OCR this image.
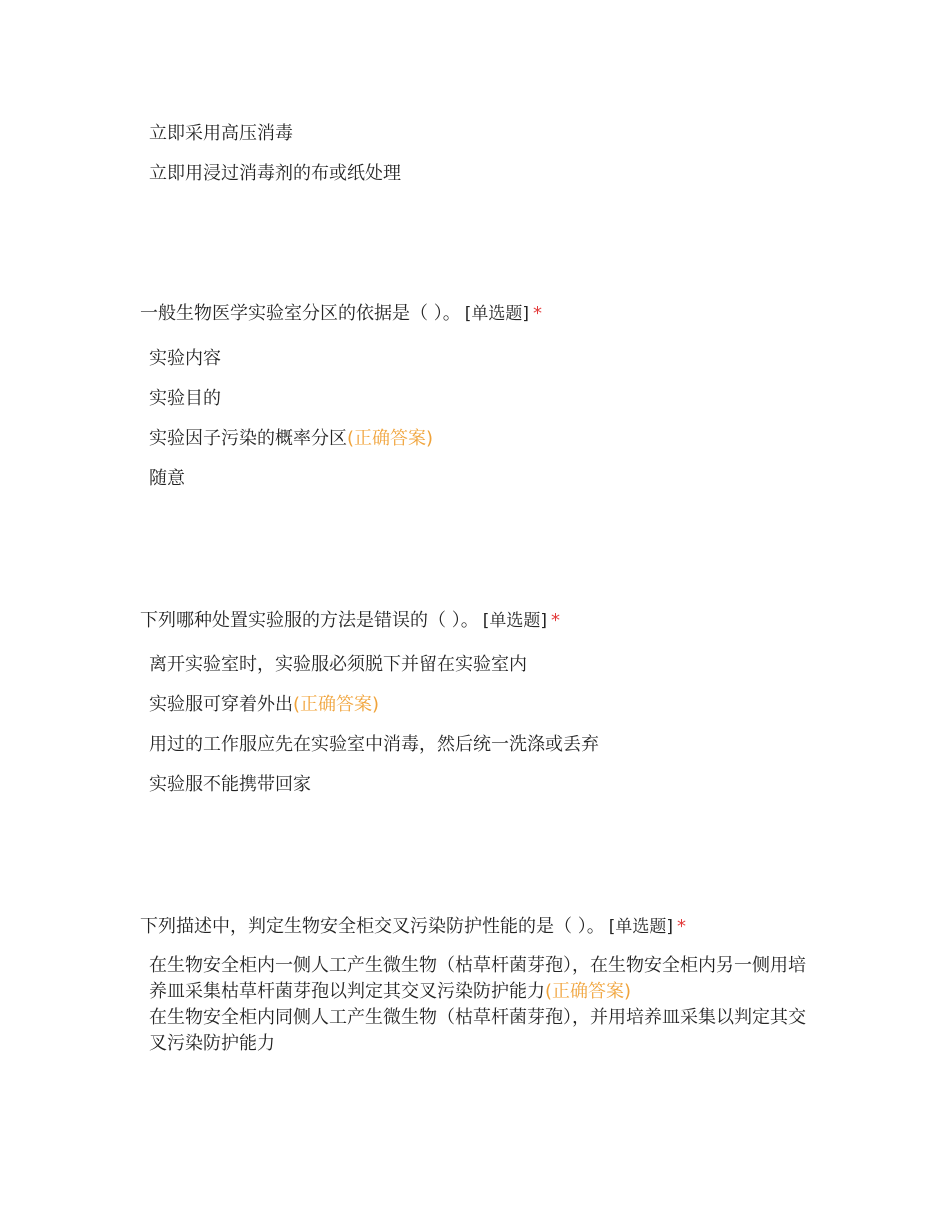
立即采用高压消毒

立即用浸过消毒剂的布或纸处理

一般生物医学实验室分区的依据是（ ）。 [单选题] *

实验内容

实验目的

实验因子污染的概率分区(正确答案)

随意

下列哪种处置实验服的方法是错误的（ ）。 [单选题] *

离开实验室时，实验服必须脱下并留在实验室内

实验服可穿着外出(正确答案)

用过的工作服应先在实验室中消毒，然后统一洗涤或丢弃

实验服不能携带回家

下列描述中，判定生物安全柜交叉污染防护性能的是（ ）。 [单选题] *

在生物安全柜内一侧人工产生微生物（枯草杆菌芽孢），在生物安全柜内另一侧用培养皿采集枯草杆菌芽孢以判定其交叉污染防护能力(正确答案)

在生物安全柜内同侧人工产生微生物（枯草杆菌芽孢），并用培养皿采集以判定其交叉污染防护能力
